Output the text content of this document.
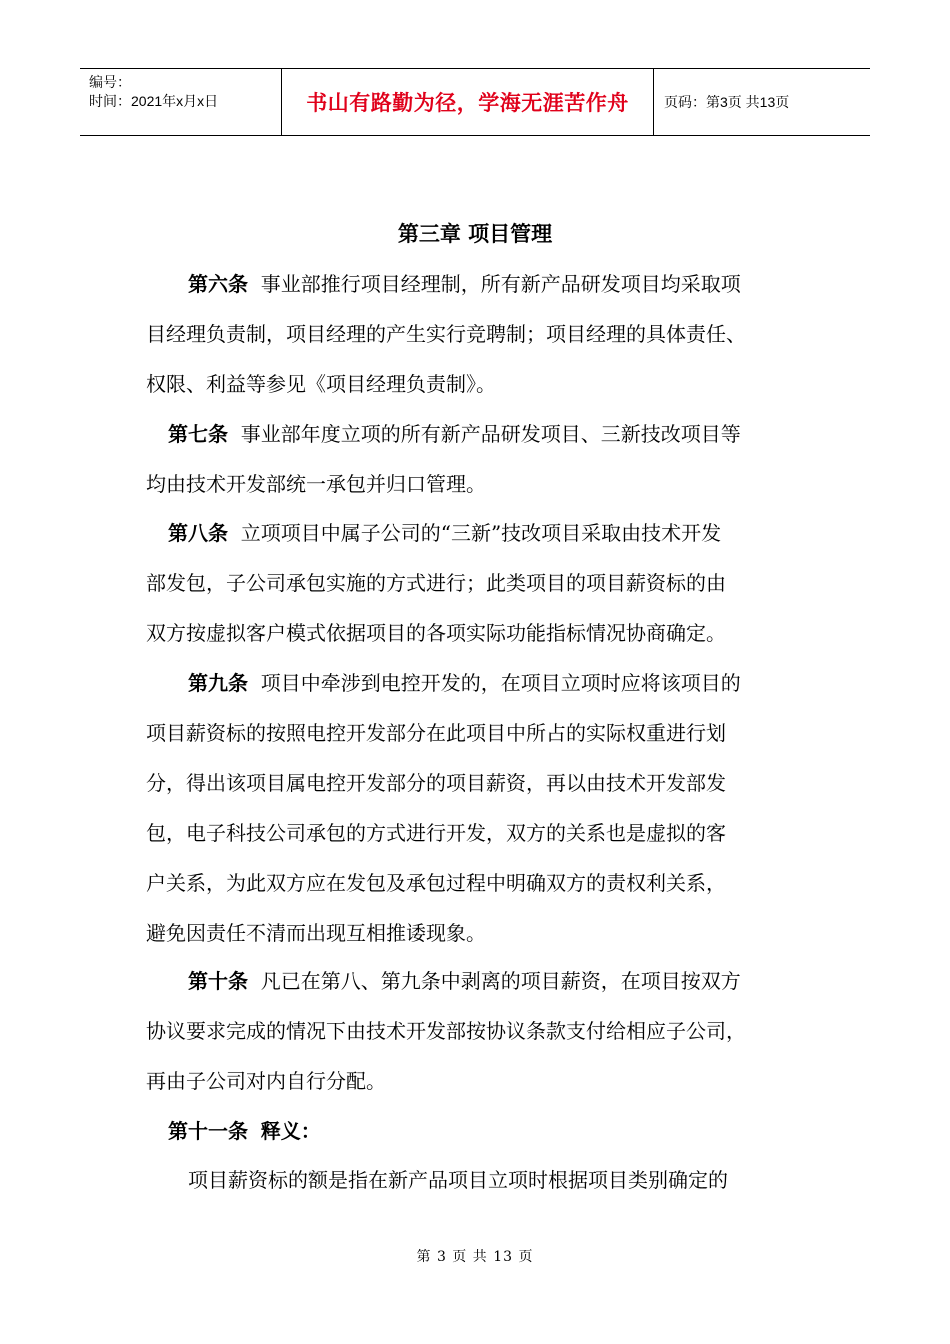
编号：
时间：2021年x月x日	书山有路勤为径，学海无涯苦作舟	页码：第3页 共13页
第三章 项目管理
第六条 事业部推行项目经理制，所有新产品研发项目均采取项
目经理负责制，项目经理的产生实行竞聘制；项目经理的具体责任、
权限、利益等参见《项目经理负责制》。
第七条 事业部年度立项的所有新产品研发项目、三新技改项目等
均由技术开发部统一承包并归口管理。
第八条 立项项目中属子公司的“三新”技改项目采取由技术开发
部发包，子公司承包实施的方式进行；此类项目的项目薪资标的由
双方按虚拟客户模式依据项目的各项实际功能指标情况协商确定。
第九条 项目中牵涉到电控开发的，在项目立项时应将该项目的
项目薪资标的按照电控开发部分在此项目中所占的实际权重进行划
分，得出该项目属电控开发部分的项目薪资，再以由技术开发部发
包，电子科技公司承包的方式进行开发，双方的关系也是虚拟的客
户关系，为此双方应在发包及承包过程中明确双方的责权利关系，
避免因责任不清而出现互相推诿现象。
第十条 凡已在第八、第九条中剥离的项目薪资，在项目按双方
协议要求完成的情况下由技术开发部按协议条款支付给相应子公司，
再由子公司对内自行分配。
第十一条 释义：
项目薪资标的额是指在新产品项目立项时根据项目类别确定的
第 3 页 共 13 页
